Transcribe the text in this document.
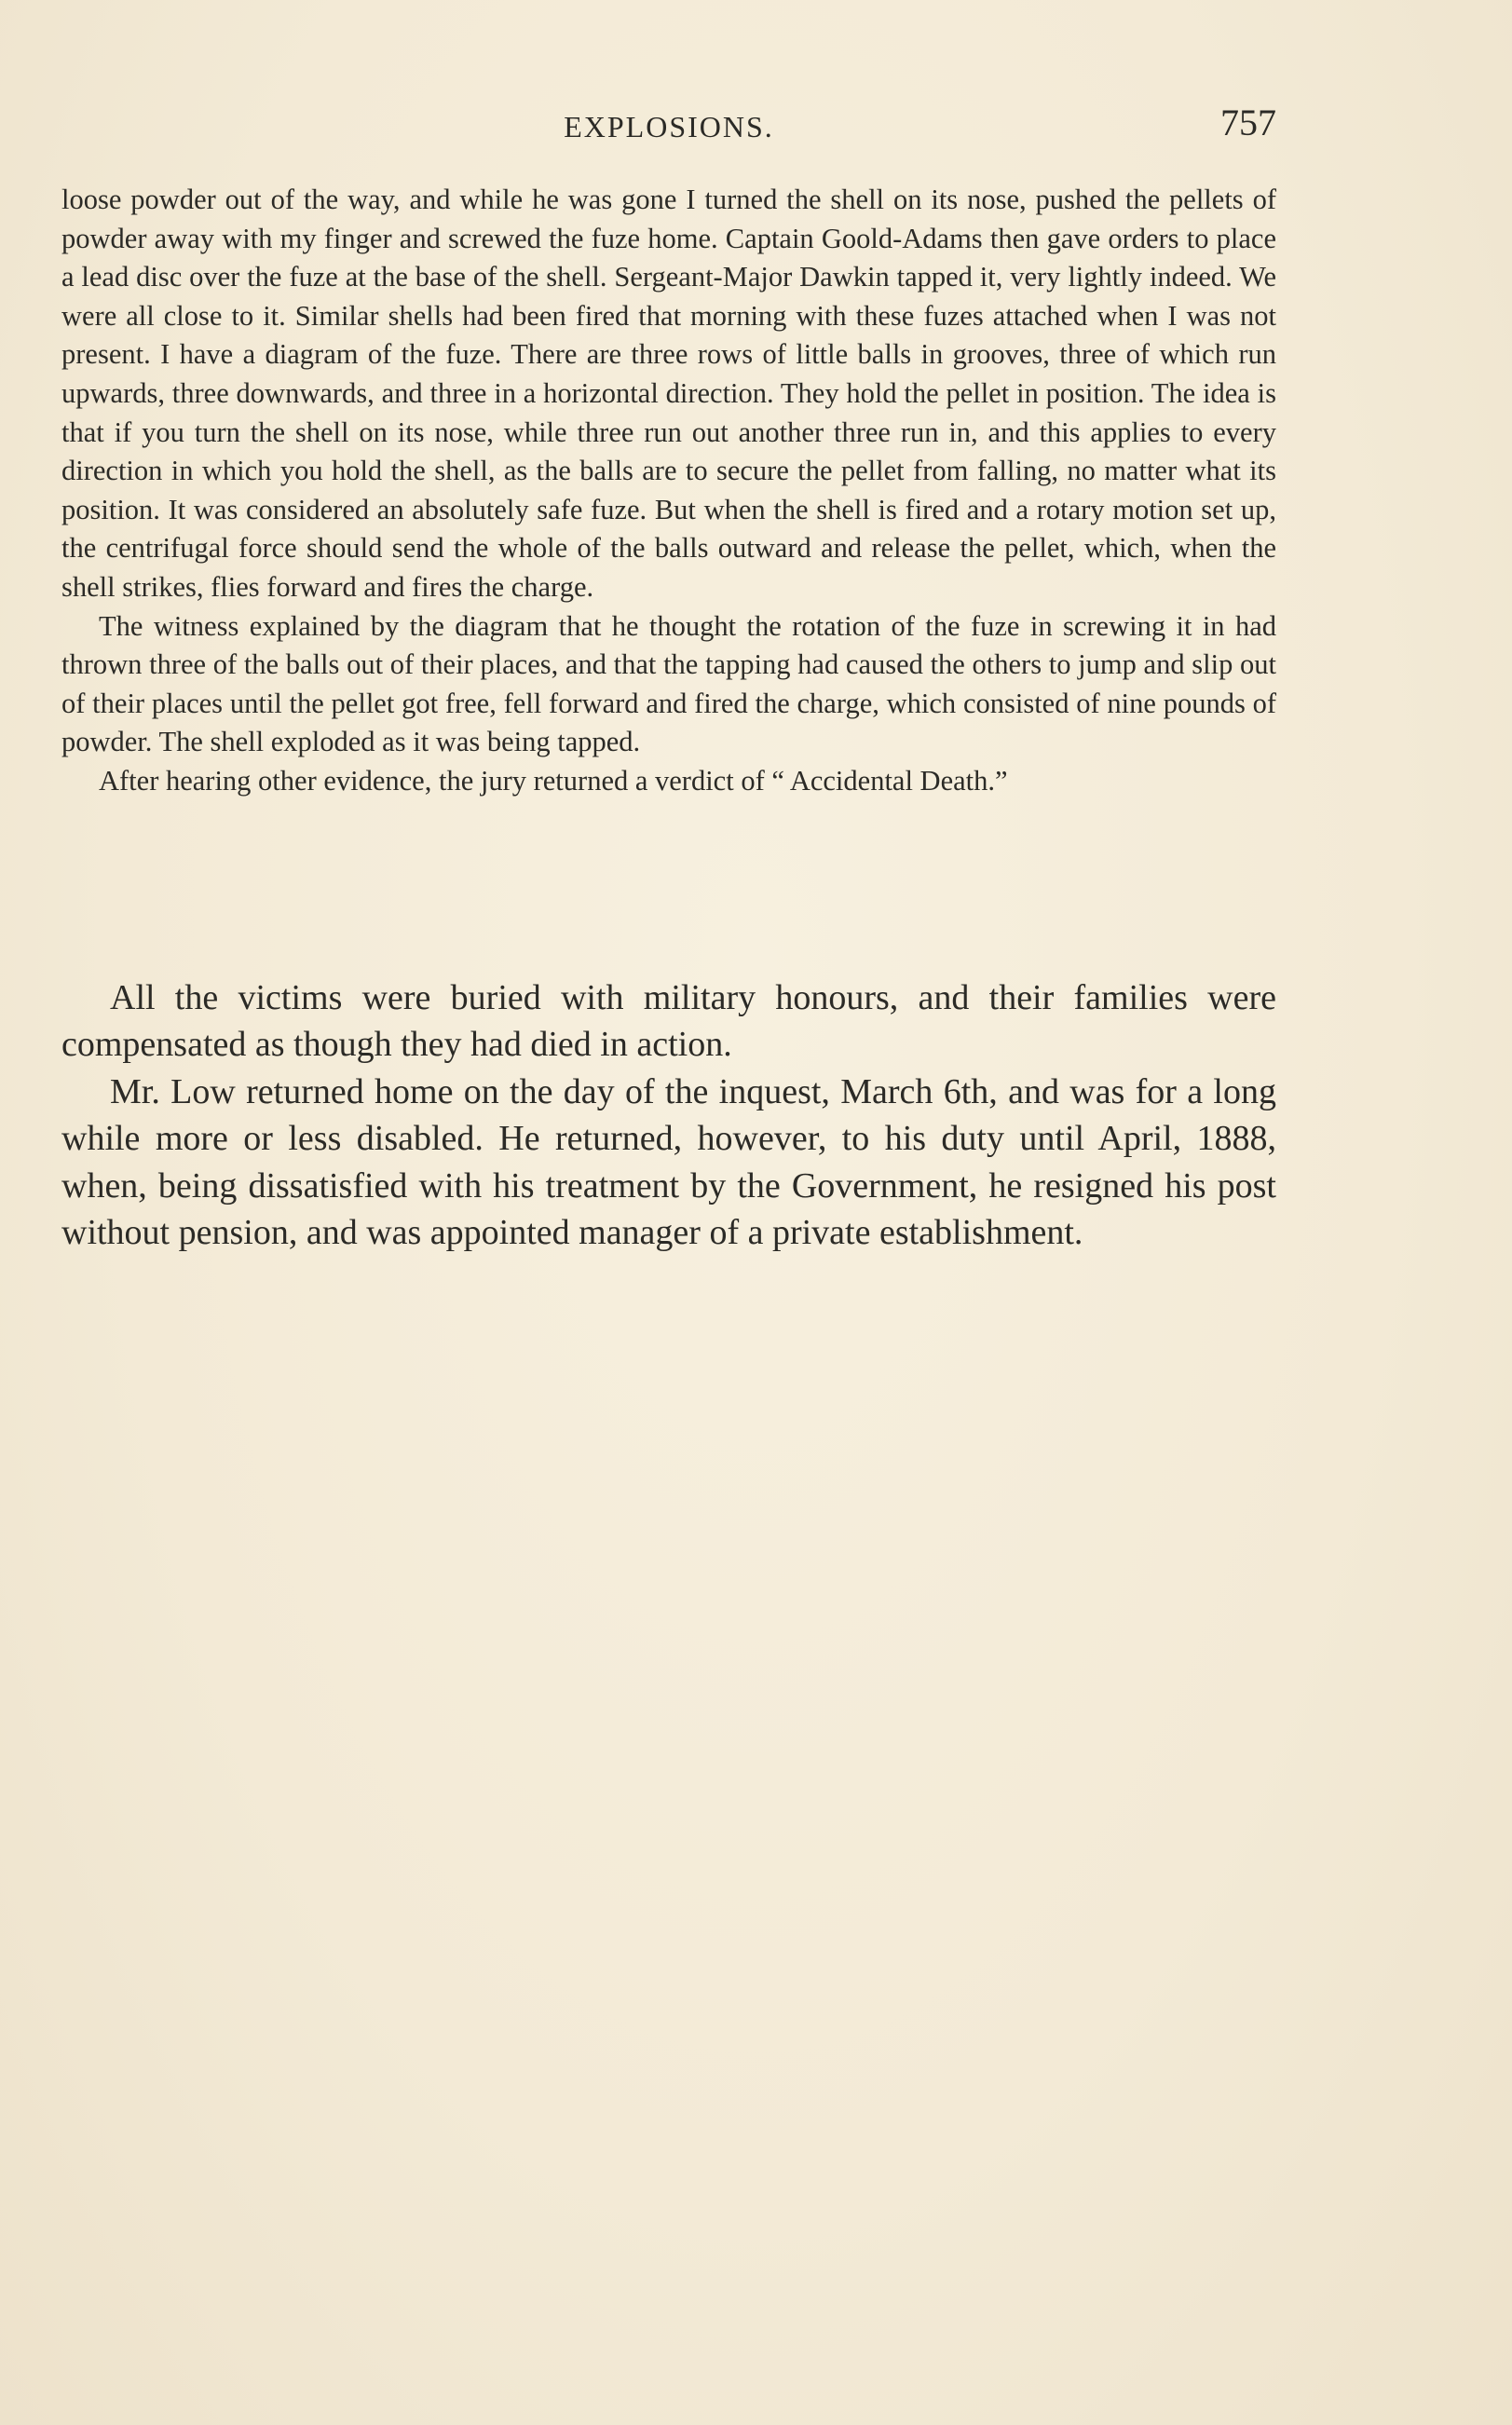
EXPLOSIONS.	757

loose powder out of the way, and while he was gone I turned the shell on its nose, pushed the pellets of powder away with my finger and screwed the fuze home. Captain Goold-Adams then gave orders to place a lead disc over the fuze at the base of the shell. Sergeant-Major Dawkin tapped it, very lightly indeed. We were all close to it. Similar shells had been fired that morning with these fuzes attached when I was not present. I have a diagram of the fuze. There are three rows of little balls in grooves, three of which run upwards, three downwards, and three in a horizontal direction. They hold the pellet in position. The idea is that if you turn the shell on its nose, while three run out another three run in, and this applies to every direction in which you hold the shell, as the balls are to secure the pellet from falling, no matter what its position. It was considered an absolutely safe fuze. But when the shell is fired and a rotary motion set up, the centrifugal force should send the whole of the balls outward and release the pellet, which, when the shell strikes, flies forward and fires the charge.

The witness explained by the diagram that he thought the rotation of the fuze in screwing it in had thrown three of the balls out of their places, and that the tapping had caused the others to jump and slip out of their places until the pellet got free, fell forward and fired the charge, which consisted of nine pounds of powder. The shell exploded as it was being tapped.

After hearing other evidence, the jury returned a verdict of “ Accidental Death.”

All the victims were buried with military honours, and their families were compensated as though they had died in action.

Mr. Low returned home on the day of the inquest, March 6th, and was for a long while more or less disabled. He returned, however, to his duty until April, 1888, when, being dissatisfied with his treatment by the Government, he resigned his post without pension, and was appointed manager of a private establishment.
